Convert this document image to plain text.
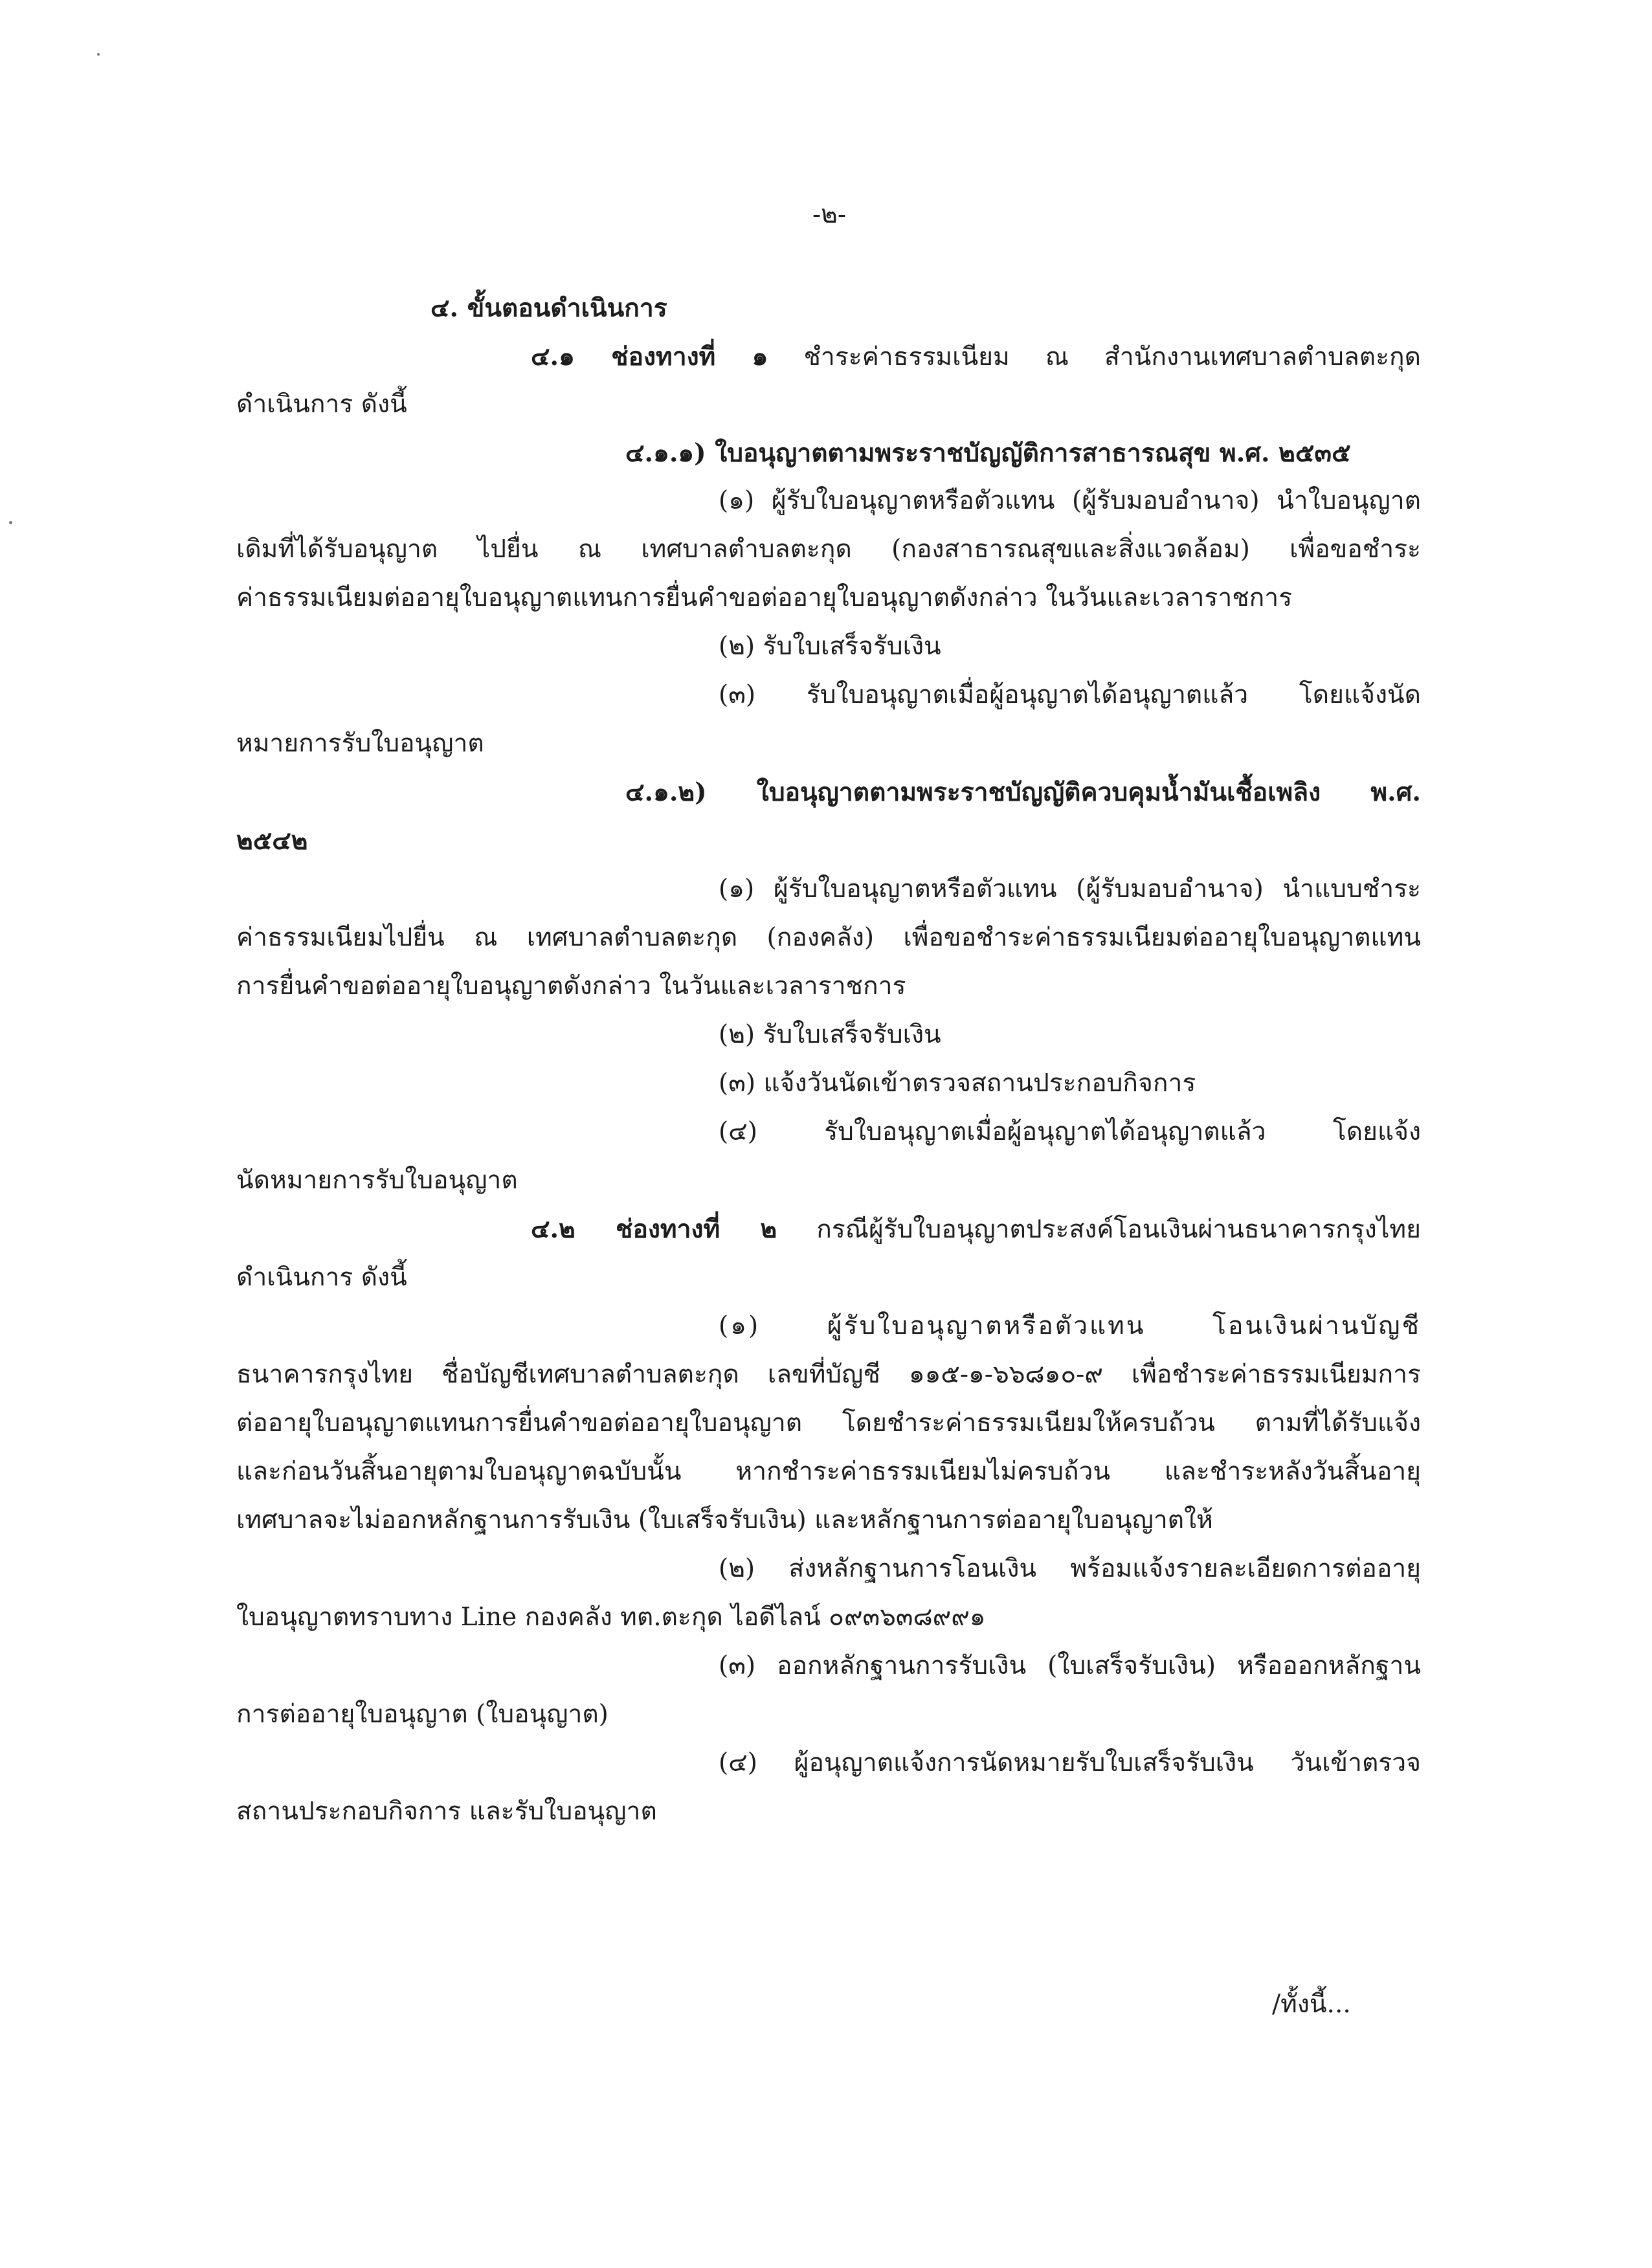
-๒-
๔. ขั้นตอนดำเนินการ
๔.๑ ช่องทางที่ ๑ ชำระค่าธรรมเนียม ณ สำนักงานเทศบาลตำบลตะกุด
ดำเนินการ ดังนี้
๔.๑.๑) ใบอนุญาตตามพระราชบัญญัติการสาธารณสุข พ.ศ. ๒๕๓๕
(๑) ผู้รับใบอนุญาตหรือตัวแทน (ผู้รับมอบอำนาจ) นำใบอนุญาต
เดิมที่ได้รับอนุญาต ไปยื่น ณ เทศบาลตำบลตะกุด (กองสาธารณสุขและสิ่งแวดล้อม) เพื่อขอชำระ
ค่าธรรมเนียมต่ออายุใบอนุญาตแทนการยื่นคำขอต่ออายุใบอนุญาตดังกล่าว ในวันและเวลาราชการ
(๒) รับใบเสร็จรับเงิน
(๓) รับใบอนุญาตเมื่อผู้อนุญาตได้อนุญาตแล้ว โดยแจ้งนัด
หมายการรับใบอนุญาต
๔.๑.๒) ใบอนุญาตตามพระราชบัญญัติควบคุมน้ำมันเชื้อเพลิง พ.ศ.
๒๕๔๒
(๑) ผู้รับใบอนุญาตหรือตัวแทน (ผู้รับมอบอำนาจ) นำแบบชำระ
ค่าธรรมเนียมไปยื่น ณ เทศบาลตำบลตะกุด (กองคลัง) เพื่อขอชำระค่าธรรมเนียมต่ออายุใบอนุญาตแทน
การยื่นคำขอต่ออายุใบอนุญาตดังกล่าว ในวันและเวลาราชการ
(๒) รับใบเสร็จรับเงิน
(๓) แจ้งวันนัดเข้าตรวจสถานประกอบกิจการ
(๔) รับใบอนุญาตเมื่อผู้อนุญาตได้อนุญาตแล้ว โดยแจ้ง
นัดหมายการรับใบอนุญาต
๔.๒ ช่องทางที่ ๒ กรณีผู้รับใบอนุญาตประสงค์โอนเงินผ่านธนาคารกรุงไทย
ดำเนินการ ดังนี้
(๑) ผู้รับใบอนุญาตหรือตัวแทน โอนเงินผ่านบัญชี
ธนาคารกรุงไทย ชื่อบัญชีเทศบาลตำบลตะกุด เลขที่บัญชี ๑๑๕-๑-๖๖๘๑๐-๙ เพื่อชำระค่าธรรมเนียมการ
ต่ออายุใบอนุญาตแทนการยื่นคำขอต่ออายุใบอนุญาต โดยชำระค่าธรรมเนียมให้ครบถ้วน ตามที่ได้รับแจ้ง
และก่อนวันสิ้นอายุตามใบอนุญาตฉบับนั้น หากชำระค่าธรรมเนียมไม่ครบถ้วน และชำระหลังวันสิ้นอายุ
เทศบาลจะไม่ออกหลักฐานการรับเงิน (ใบเสร็จรับเงิน) และหลักฐานการต่ออายุใบอนุญาตให้
(๒) ส่งหลักฐานการโอนเงิน พร้อมแจ้งรายละเอียดการต่ออายุ
ใบอนุญาตทราบทาง Line กองคลัง ทต.ตะกุด ไอดีไลน์ ๐๙๓๖๓๘๙๙๑
(๓) ออกหลักฐานการรับเงิน (ใบเสร็จรับเงิน) หรือออกหลักฐาน
การต่ออายุใบอนุญาต (ใบอนุญาต)
(๔) ผู้อนุญาตแจ้งการนัดหมายรับใบเสร็จรับเงิน วันเข้าตรวจ
สถานประกอบกิจการ และรับใบอนุญาต
/ทั้งนี้...
